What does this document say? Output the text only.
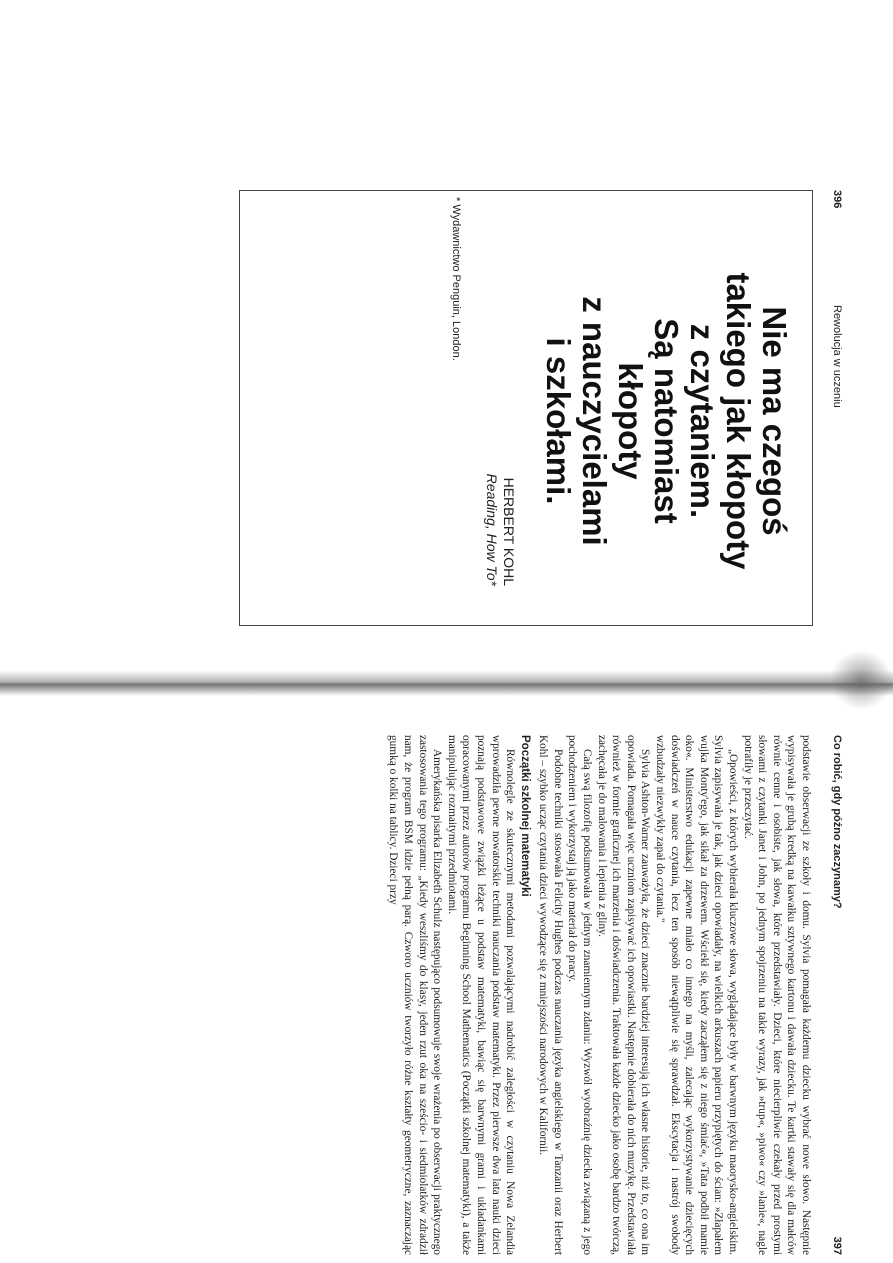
396
Rewolucja w uczeniu
Nie ma czegoś
takiego jak kłopoty
z czytaniem.
Są natomiast
kłopoty
z nauczycielami
i szkołami.
HERBERT KOHL
Reading, How To*
* Wydawnictwo Penguin, London.
Co robić, gdy późno zaczynamy?
397

podstawie obserwacji ze szkoły i domu. Sylvia pomagała każdemu dziecku wybrać nowe słowo. Następnie wypisywała je grubą kredką na kawałku sztywnego kartonu i dawała dziecku. Te kartki stawały się dla małców równie cenne i osobiste, jak słowa, które przedstawiały. Dzieci, które niecierpliwie czekały przed prostymi słowami z czytanki Janet i John, po jednym spojrzeniu na takie wyrazy, jak »trup«, »piwo« czy »lanie«, nagle potrafiły je przeczytać.

„Opowieści, z których wybierała kluczowe słowa, wyglądające były w barwnym języku maorysko-angielskim. Sylvia zapisywała je tak, jak dzieci opowiadały, na wielkich arkuszach papieru przypiętych do ścian: »Złapałem wujka Monty'ego, jak sikał za drzewem. Wściekł się, kiedy zacząłem się z niego śmiać«, »Tata podbił mamie oko«. Ministerstwo edukacji zapewne miało co innego na myśli, zalecając wykorzystywanie dziecięcych doświadczeń w nauce czytania, lecz ten sposób niewątpliwie się sprawdzał. Ekscytacja i nastrój swobody wzbudzały niezwykły zapał do czytania."

Sylvia Ashton-Warner zauważyła, że dzieci znacznie bardziej interesują ich własne historie, niż to, co ona im opowiada. Pomagała więc uczniom zapisywać ich opowiastki. Następnie dobierała do nich muzykę. Przedstawiała również w formie graficznej ich marzenia i doświadczenia. Traktowała każde dziecko jako osobę bardzo twórczą, zachęcała je do malowania i lepienia z gliny.

Całą swą filozofię podsumowała w jednym znamiennym zdaniu: Wyzwól wyobraźnię dziecka związaną z jego pochodzeniem i wykorzystaj ją jako materiał do pracy.

Podobne techniki stosowała Felicity Hughes podczas nauczania języka angielskiego w Tanzanii oraz Herbert Kohl – szybko ucząc czytania dzieci wywodzące się z mniejszości narodowych w Kalifornii.

Początki szkolnej matematyki

Równolegle ze skutecznymi metodami pozwalającymi nadrobić zaległości w czytaniu Nowa Zelandia wprowadziła pewne nowatorskie techniki nauczania podstaw matematyki. Przez pierwsze dwa lata nauki dzieci poznają podstawowe związki leżące u podstaw matematyki, bawiąc się barwnymi grami i układankami opracowanymi przez autorów programu Beginning School Mathematics (Początki szkolnej matematyki), a także manipulując rozmaitymi przedmiotami.

Amerykańska pisarka Elizabeth Schulz następująco podsumowuje swoje wrażenia po obserwacji praktycznego zastosowania tego programu: „Kiedy weszliśmy do klasy, jeden rzut oka na sześcio- i siedmiolatków zdradził nam, że program BSM idzie pełną parą. Czworo uczniów tworzyło różne kształty geometryczne, zaznaczając gumką o kolki na tablicy. Dzieci przy
